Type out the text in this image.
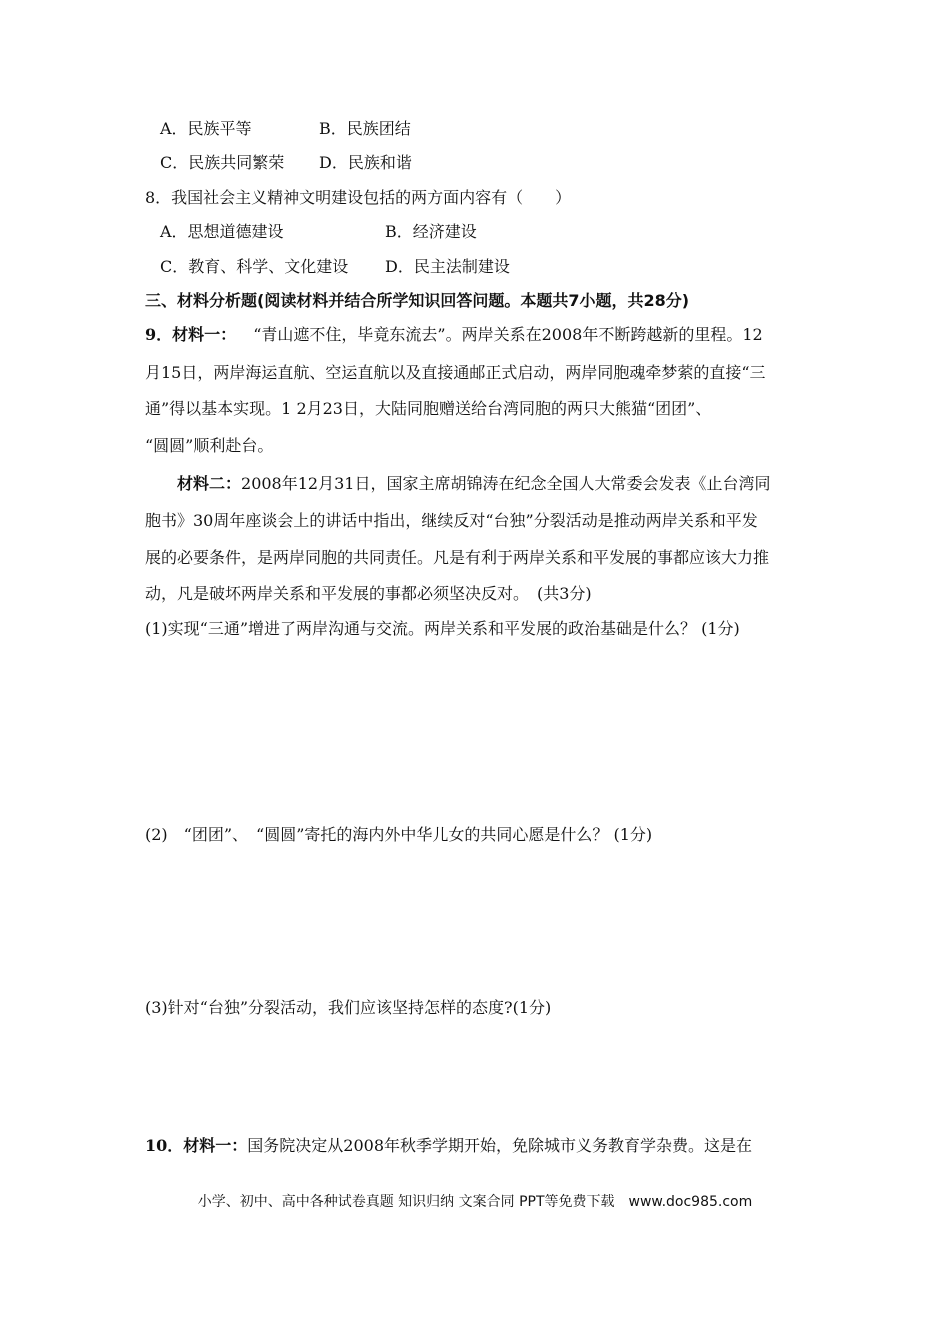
A．民族平等	B．民族团结
C．民族共同繁荣 D．民族和谐
8．我国社会主义精神文明建设包括的两方面内容有（　　）
A．思想道德建设	B．经济建设
C．教育、科学、文化建设 D．民主法制建设
三、材料分析题(阅读材料并结合所学知识回答问题。本题共7小题，共28分)
9．材料一： “青山遮不住，毕竟东流去”。两岸关系在2008年不断跨越新的里程。12
月15日，两岸海运直航、空运直航以及直接通邮正式启动，两岸同胞魂牵梦萦的直接“三
通”得以基本实现。1 2月23日，大陆同胞赠送给台湾同胞的两只大熊猫“团团”、
“圆圆”顺利赴台。
材料二：2008年12月31日，国家主席胡锦涛在纪念全国人大常委会发表《止台湾同
胞书》30周年座谈会上的讲话中指出，继续反对“台独”分裂活动是推动两岸关系和平发
展的必要条件，是两岸同胞的共同责任。凡是有利于两岸关系和平发展的事都应该大力推
动，凡是破坏两岸关系和平发展的事都必须坚决反对。　(共3分)
(1)实现“三通”增进了两岸沟通与交流。两岸关系和平发展的政治基础是什么？ (1分)
(2)　“团团”、　“圆圆”寄托的海内外中华儿女的共同心愿是什么？ (1分)
(3)针对“台独”分裂活动，我们应该坚持怎样的态度?(1分)
10．材料一：国务院决定从2008年秋季学期开始，免除城市义务教育学杂费。这是在
小学、初中、高中各种试卷真题 知识归纳 文案合同 PPT等免费下载　www.doc985.com
